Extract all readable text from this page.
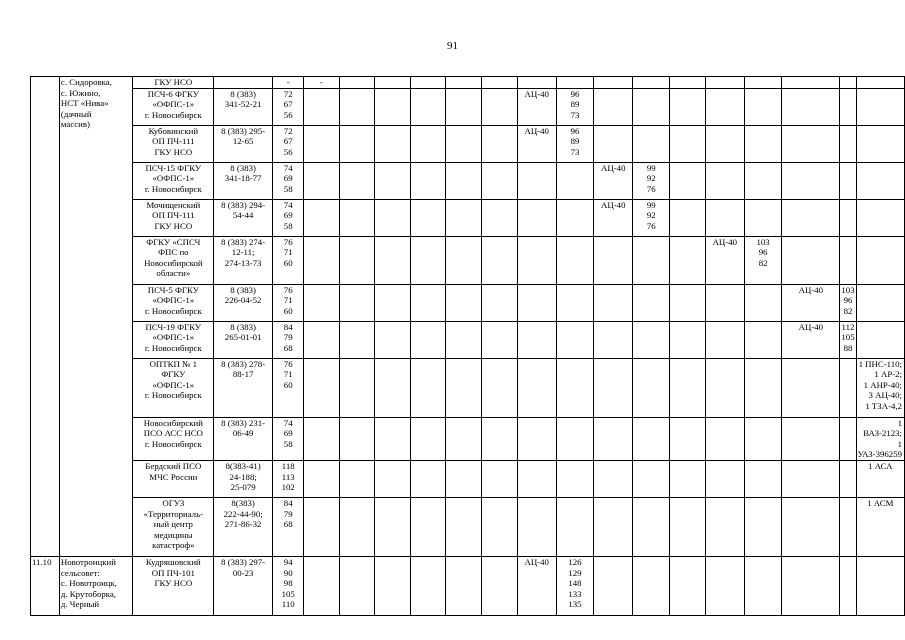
91

	с. Сидоровка,
с. Южино,
НСТ «Нива»
(дачный
массив)	ГКУ НСО		-	-															

		ПСЧ-6 ФГКУ
«ОФПС-1»
г. Новосибирск	8 (383)
341-52-21	72
67
56							АЦ-40	96
89
73								

		Кубовинский
ОП ПЧ-111
ГКУ НСО	8 (383) 295-
12-65	72
67
56							АЦ-40	96
89
73								

		ПСЧ-15 ФГКУ
«ОФПС-1»
г. Новосибирск	8 (383)
341-18-77	74
69
58									АЦ-40	99
92
76						

		Мочищенский
ОП ПЧ-111
ГКУ НСО	8 (383) 294-
54-44	74
69
58									АЦ-40	99
92
76						

		ФГКУ «СПСЧ
ФПС по
Новосибирской
области»	8 (383) 274-
12-11;
274-13-73	76
71
60												АЦ-40	103
96
82			

		ПСЧ-5 ФГКУ
«ОФПС-1»
г. Новосибирск	8 (383)
226-04-52	76
71
60														АЦ-40	103
96
82	

		ПСЧ-19 ФГКУ
«ОФПС-1»
г. Новосибирск	8 (383)
265-01-01	84
79
68														АЦ-40	112
105
88	

		ОПТКП № 1
ФГКУ
«ОФПС-1»
г. Новосибирск	8 (383) 278-
88-17	76
71
60																1 ПНС-110;
1 АР-2;
1 АНР-40;
3 АЦ-40;
1 ТЗА-4,2

		Новосибирский
ПСО АСС НСО
г. Новосибирск	8 (383) 231-
06-49	74
69
58																1 ВАЗ-2123;
1 УАЗ-396259

		Бердский ПСО
МЧС России	8(383-41)
24-188;
25-079	118
113
102																1 АСА

		ОГУЗ
«Территориаль-
ный центр
медицины
катастроф»	8(383)
222-44-90;
271-86-32	84
79
68																1 АСМ

11.10	Новотроицкий
сельсовет:
с. Новотроицк,
д. Крутоборка,
д. Черный	Кудряшовский
ОП ПЧ-101
ГКУ НСО	8 (383) 297-
00-23	94
90
98
105
110							АЦ-40	126
129
148
133
135								
